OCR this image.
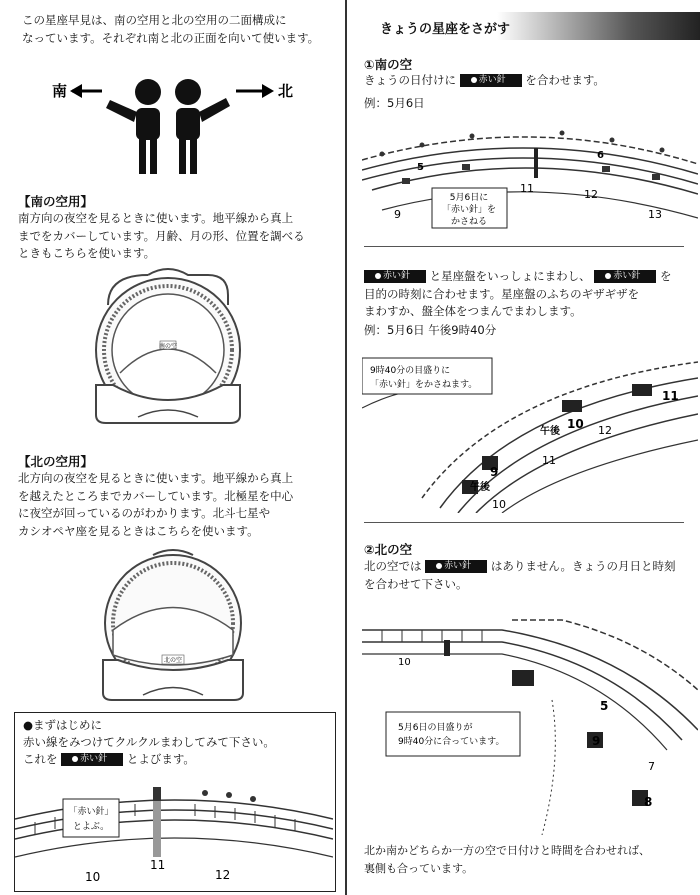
この星座早見は、南の空用と北の空用の二面構成に
なっています。それぞれ南と北の正面を向いて使います。
南	北
【南の空用】
南方向の夜空を見るときに使います。地平線から真上
までをカバーしています。月齢、月の形、位置を調べる
ときもこちらを使います。
南の空
【北の空用】
北方向の夜空を見るときに使います。地平線から真上
を越えたところまでカバーしています。北極星を中心
に夜空が回っているのがわかります。北斗七星や
カシオペヤ座を見るときはこちらを使います。
北の空
●まずはじめに
赤い線をみつけてクルクルまわしてみて下さい。
これを	赤い針 とよびます。
「赤い針」
とよぶ。
10
11
12
きょうの星座をさがす
①南の空
きょうの日付けに	赤い針 を合わせます。
例：5月6日
5
6
5月6日に
「赤い針」を
かさねる
9
11	12
13
赤い針 と星座盤をいっしょにまわし、	赤い針 を
目的の時刻に合わせます。星座盤のふちのギザギザを
まわすか、盤全体をつまんでまわします。
例：5月6日 午後9時40分
9時40分の目盛りに
「赤い針」をかさねます。
午後
10
11
午後
9
10
11
12
②北の空
北の空では	赤い針 はありません。きょうの月日と時刻
を合わせて下さい。
10
5
9
8
7
5月6日の目盛りが
9時40分に合っています。
北か南かどちらか一方の空で日付けと時間を合わせれば、
裏側も合っています。
